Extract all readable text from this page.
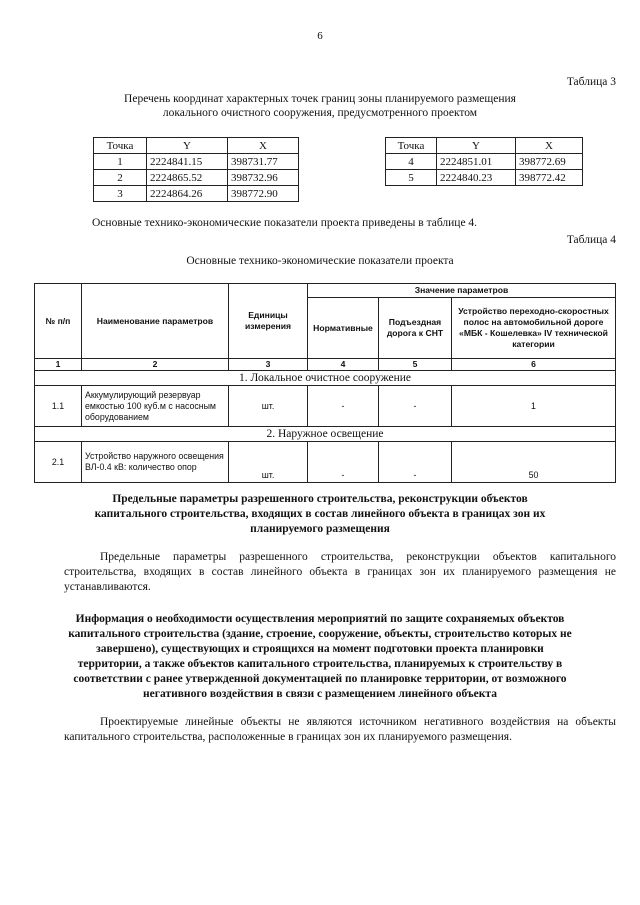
6
Таблица 3
Перечень координат характерных точек границ зоны планируемого размещения
локального очистного сооружения, предусмотренного проектом
Точка	Y	X
1	2224841.15	398731.77
2	2224865.52	398732.96
3	2224864.26	398772.90
Точка	Y	X
4	2224851.01	398772.69
5	2224840.23	398772.42
Основные технико-экономические показатели проекта приведены в таблице 4.
Таблица 4
Основные технико-экономические показатели проекта
№ п/п	Наименование параметров	Единицы измерения	Значение параметров		
			Нормативные	Подъездная дорога к СНТ	Устройство переходно-скоростных полос на автомобильной дороге «МБК - Кошелевка» IV технической категории
1	2	3	4	5	6
1. Локальное очистное сооружение					
1.1	Аккумулирующий резервуар емкостью 100 куб.м с насосным оборудованием	шт.	-	-	1
2. Наружное освещение					
2.1	Устройство наружного освещения ВЛ-0.4 кВ: количество опор	шт.	-	-	50
Предельные параметры разрешенного строительства, реконструкции объектов капитального строительства, входящих в состав линейного объекта в границах зон их планируемого размещения
Предельные параметры разрешенного строительства, реконструкции объектов капитального строительства, входящих в состав линейного объекта в границах зон их планируемого размещения не устанавливаются.
Информация о необходимости осуществления мероприятий по защите сохраняемых объектов капитального строительства (здание, строение, сооружение, объекты, строительство которых не завершено), существующих и строящихся на момент подготовки проекта планировки территории, а также объектов капитального строительства, планируемых к строительству в соответствии с ранее утвержденной документацией по планировке территории, от возможного негативного воздействия в связи с размещением линейного объекта
Проектируемые линейные объекты не являются источником негативного воздействия на объекты капитального строительства, расположенные в границах зон их планируемого размещения.
